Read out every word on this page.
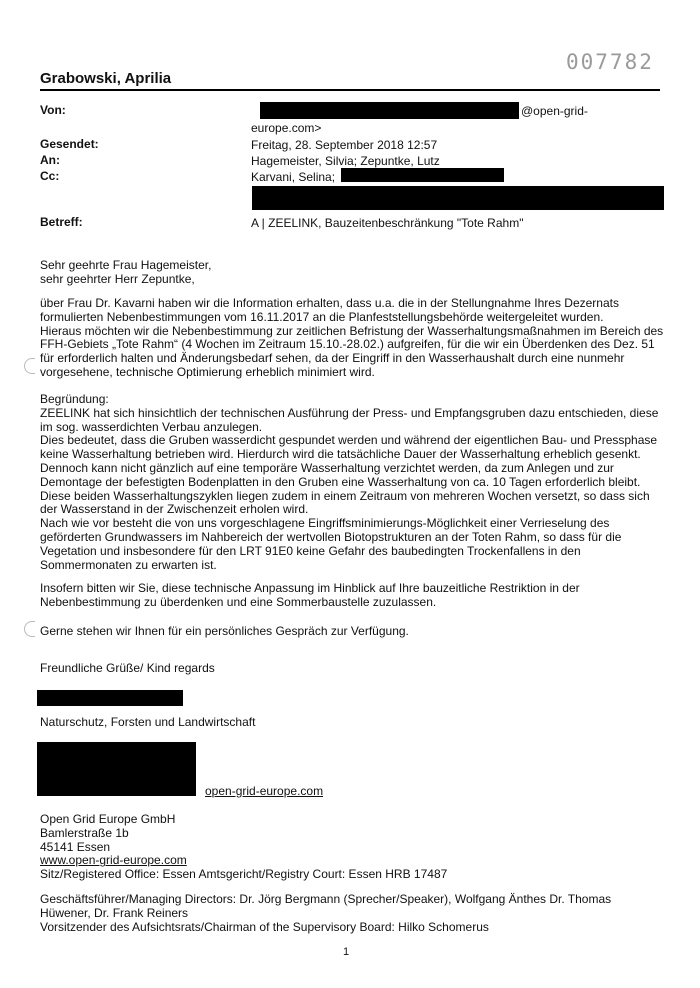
007782
Grabowski, Aprilia
Von:	@open-grid-
europe.com>
Gesendet:	Freitag, 28. September 2018 12:57
An:	Hagemeister, Silvia; Zepuntke, Lutz
Cc:	Karvani, Selina;
Betreff:	A | ZEELINK, Bauzeitenbeschränkung "Tote Rahm"

Sehr geehrte Frau Hagemeister,

sehr geehrter Herr Zepuntke,

über Frau Dr. Kavarni haben wir die Information erhalten, dass u.a. die in der Stellungnahme Ihres Dezernats

formulierten Nebenbestimmungen vom 16.11.2017 an die Planfeststellungsbehörde weitergeleitet wurden.

Hieraus möchten wir die Nebenbestimmung zur zeitlichen Befristung der Wasserhaltungsmaßnahmen im Bereich des

FFH-Gebiets „Tote Rahm“ (4 Wochen im Zeitraum 15.10.-28.02.) aufgreifen, für die wir ein Überdenken des Dez. 51

für erforderlich halten und Änderungsbedarf sehen, da der Eingriff in den Wasserhaushalt durch eine nunmehr

vorgesehene, technische Optimierung erheblich minimiert wird.

Begründung:

ZEELINK hat sich hinsichtlich der technischen Ausführung der Press- und Empfangsgruben dazu entschieden, diese

im sog. wasserdichten Verbau anzulegen.

Dies bedeutet, dass die Gruben wasserdicht gespundet werden und während der eigentlichen Bau- und Pressphase

keine Wasserhaltung betrieben wird. Hierdurch wird die tatsächliche Dauer der Wasserhaltung erheblich gesenkt.

Dennoch kann nicht gänzlich auf eine temporäre Wasserhaltung verzichtet werden, da zum Anlegen und zur

Demontage der befestigten Bodenplatten in den Gruben eine Wasserhaltung von ca. 10 Tagen erforderlich bleibt.

Diese beiden Wasserhaltungszyklen liegen zudem in einem Zeitraum von mehreren Wochen versetzt, so dass sich

der Wasserstand in der Zwischenzeit erholen wird.

Nach wie vor besteht die von uns vorgeschlagene Eingriffsminimierungs-Möglichkeit einer Verrieselung des

geförderten Grundwassers im Nahbereich der wertvollen Biotopstrukturen an der Toten Rahm, so dass für die

Vegetation und insbesondere für den LRT 91E0 keine Gefahr des baubedingten Trockenfallens in den

Sommermonaten zu erwarten ist.

Insofern bitten wir Sie, diese technische Anpassung im Hinblick auf Ihre bauzeitliche Restriktion in der

Nebenbestimmung zu überdenken und eine Sommerbaustelle zuzulassen.

Gerne stehen wir Ihnen für ein persönliches Gespräch zur Verfügung.
Freundliche Grüße/ Kind regards
Naturschutz, Forsten und Landwirtschaft
open-grid-europe.com

Open Grid Europe GmbH

Bamlerstraße 1b

45141 Essen

www.open-grid-europe.com

Sitz/Registered Office: Essen Amtsgericht/Registry Court: Essen HRB 17487

Geschäftsführer/Managing Directors: Dr. Jörg Bergmann (Sprecher/Speaker), Wolfgang Änthes Dr. Thomas

Hüwener, Dr. Frank Reiners

Vorsitzender des Aufsichtsrats/Chairman of the Supervisory Board: Hilko Schomerus

1
